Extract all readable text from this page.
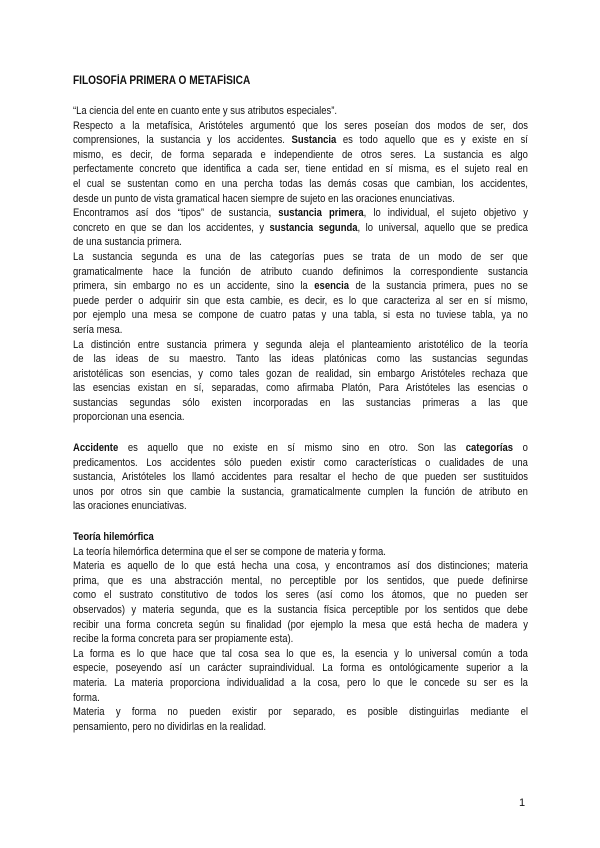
FILOSOFÍA PRIMERA O METAFÍSICA
“La ciencia del ente en cuanto ente y sus atributos especiales”.
Respecto a la metafísica, Aristóteles argumentó que los seres poseían dos modos de ser, dos
comprensiones, la sustancia y los accidentes. Sustancia es todo aquello que es y existe en sí
mismo, es decir, de forma separada e independiente de otros seres. La sustancia es algo
perfectamente concreto que identifica a cada ser, tiene entidad en sí misma, es el sujeto real en
el cual se sustentan como en una percha todas las demás cosas que cambian, los accidentes,
desde un punto de vista gramatical hacen siempre de sujeto en las oraciones enunciativas.
Encontramos así dos “tipos” de sustancia, sustancia primera, lo individual, el sujeto objetivo y
concreto en que se dan los accidentes, y sustancia segunda, lo universal, aquello que se predica
de una sustancia primera.
La sustancia segunda es una de las categorías pues se trata de un modo de ser que
gramaticalmente hace la función de atributo cuando definimos la correspondiente sustancia
primera, sin embargo no es un accidente, sino la esencia de la sustancia primera, pues no se
puede perder o adquirir sin que esta cambie, es decir, es lo que caracteriza al ser en sí mismo,
por ejemplo una mesa se compone de cuatro patas y una tabla, si esta no tuviese tabla, ya no
sería mesa.
La distinción entre sustancia primera y segunda aleja el planteamiento aristotélico de la teoría
de las ideas de su maestro. Tanto las ideas platónicas como las sustancias segundas
aristotélicas son esencias, y como tales gozan de realidad, sin embargo Aristóteles rechaza que
las esencias existan en sí, separadas, como afirmaba Platón, Para Aristóteles las esencias o
sustancias segundas sólo existen incorporadas en las sustancias primeras a las que
proporcionan una esencia.
Accidente es aquello que no existe en sí mismo sino en otro. Son las categorías o
predicamentos. Los accidentes sólo pueden existir como características o cualidades de una
sustancia, Aristóteles los llamó accidentes para resaltar el hecho de que pueden ser sustituidos
unos por otros sin que cambie la sustancia, gramaticalmente cumplen la función de atributo en
las oraciones enunciativas.
Teoría hilemórfica
La teoría hilemórfica determina que el ser se compone de materia y forma.
Materia es aquello de lo que está hecha una cosa, y encontramos así dos distinciones; materia
prima, que es una abstracción mental, no perceptible por los sentidos, que puede definirse
como el sustrato constitutivo de todos los seres (así como los átomos, que no pueden ser
observados) y materia segunda, que es la sustancia física perceptible por los sentidos que debe
recibir una forma concreta según su finalidad (por ejemplo la mesa que está hecha de madera y
recibe la forma concreta para ser propiamente esta).
La forma es lo que hace que tal cosa sea lo que es, la esencia y lo universal común a toda
especie, poseyendo así un carácter supraindividual. La forma es ontológicamente superior a la
materia. La materia proporciona individualidad a la cosa, pero lo que le concede su ser es la
forma.
Materia y forma no pueden existir por separado, es posible distinguirlas mediante el
pensamiento, pero no dividirlas en la realidad.
1
